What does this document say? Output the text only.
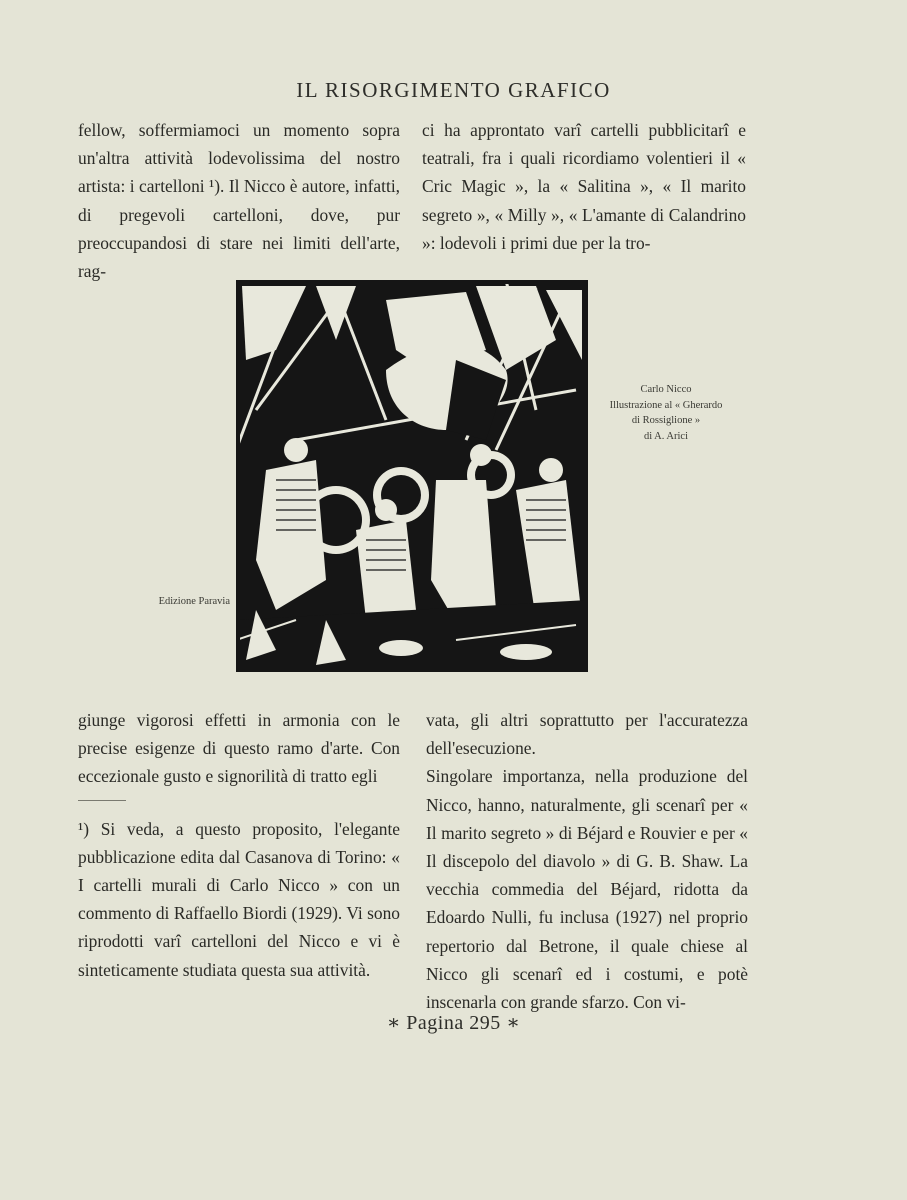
IL RISORGIMENTO GRAFICO

fellow, soffermiamoci un momento sopra un'altra attività lodevolissima del nostro artista: i cartelloni ¹). Il Nicco è autore, infatti, di pregevoli cartelloni, dove, pur preoccupandosi di stare nei limiti dell'arte, rag-

ci ha approntato varî cartelli pubblicitarî e teatrali, fra i quali ricordiamo volentieri il « Cric Magic », la « Salitina », « Il marito segreto », « Milly », « L'amante di Calandrino »: lodevoli i primi due per la tro-

Carlo Nicco
Illustrazione al « Gherardo
di Rossiglione »
di A. Arici
Edizione Paravia

giunge vigorosi effetti in armonia con le precise esigenze di questo ramo d'arte. Con eccezionale gusto e signorilità di tratto egli

¹) Si veda, a questo proposito, l'elegante pubblicazione edita dal Casanova di Torino: « I cartelli murali di Carlo Nicco » con un commento di Raffaello Biordi (1929). Vi sono riprodotti varî cartelloni del Nicco e vi è sinteticamente studiata questa sua attività.

vata, gli altri soprattutto per l'accuratezza dell'esecuzione.

Singolare importanza, nella produzione del Nicco, hanno, naturalmente, gli scenarî per « Il marito segreto » di Béjard e Rouvier e per « Il discepolo del diavolo » di G. B. Shaw. La vecchia commedia del Béjard, ridotta da Edoardo Nulli, fu inclusa (1927) nel proprio repertorio dal Betrone, il quale chiese al Nicco gli scenarî ed i costumi, e potè inscenarla con grande sfarzo. Con vi-

∗ Pagina 295 ∗
